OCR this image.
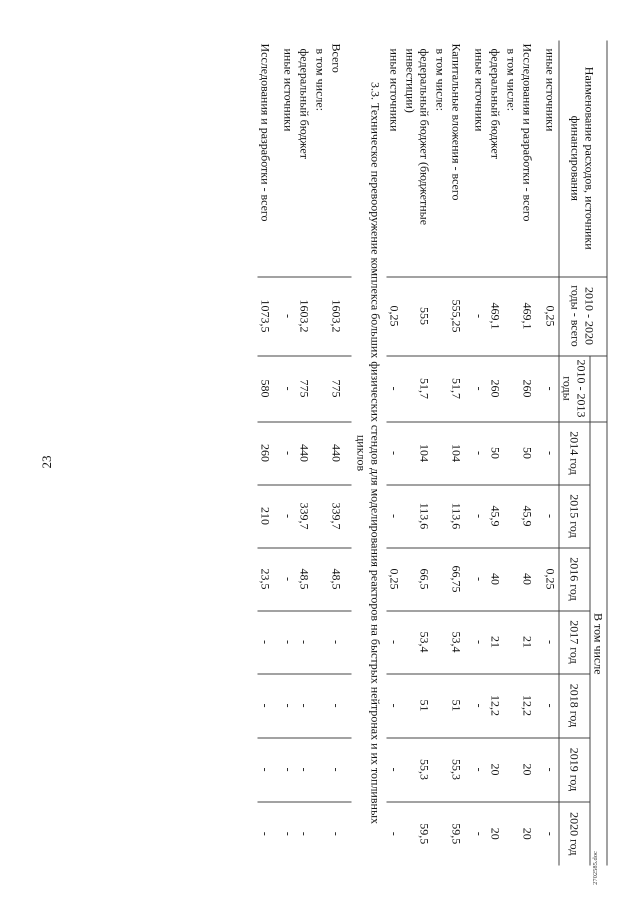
23
Наименование расходов, источники финансирования	2010 - 2020 годы - всего		В том числе						
		2010 - 2013 годы	2014 год	2015 год	2016 год	2017 год	2018 год	2019 год	2020 год
иные источники	0,25	-	-	-	0,25	-	-	-	-
Исследования и разработки - всего	469,1	260	50	45,9	40	21	12,2	20	20
в том числе:									
федеральный бюджет	469,1	260	50	45,9	40	21	12,2	20	20
иные источники	-	-	-	-	-	-	-	-	-
Капитальные вложения - всего	555,25	51,7	104	113,6	66,75	53,4	51	55,3	59,5
в том числе:									
федеральный бюджет (бюджетные инвестиции)	555	51,7	104	113,6	66,5	53,4	51	55,3	59,5
иные источники	0,25	-	-	-	0,25	-	-	-	-
3.3. Техническое перевооружение комплекса больших физических стендов для моделирования реакторов на быстрых нейтронах и их топливных циклов									
Всего	1603,2	775	440	339,7	48,5	-	-	-	-
в том числе:									
федеральный бюджет	1603,2	775	440	339,7	48,5	-	-	-	-
иные источники	-	-	-	-	-	-	-	-	-
Исследования и разработки - всего	1073,5	580	260	210	23,5	-	-	-	-
2702585.doc
